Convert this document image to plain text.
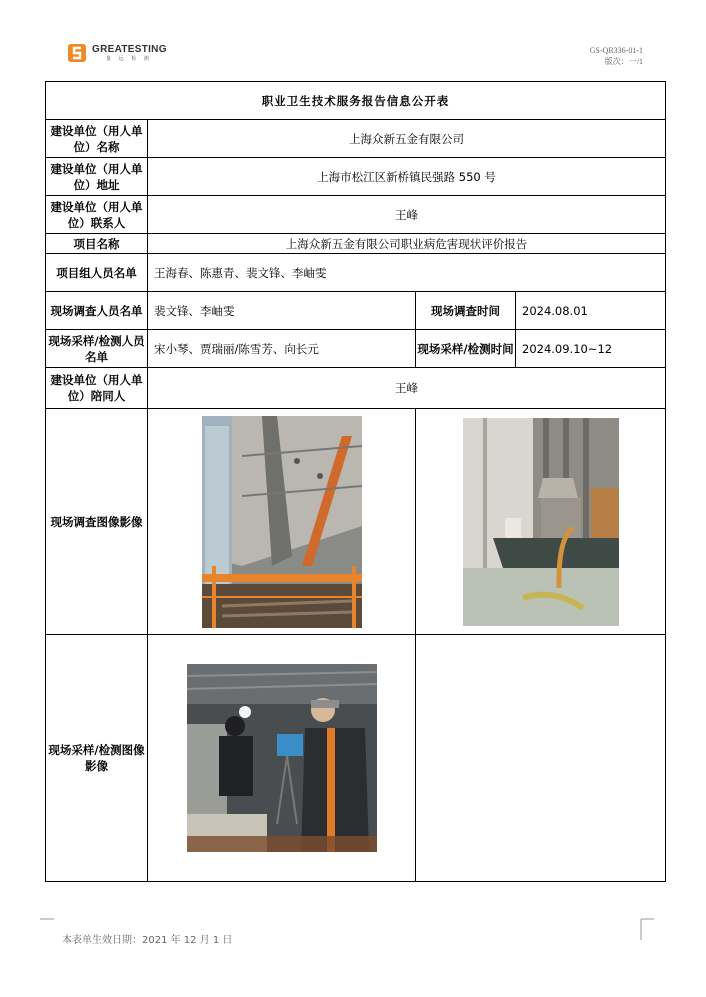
GREATESTING
量 远 检 测
GS-QR336-01-1
版次：一/1
职业卫生技术服务报告信息公开表			
建设单位（用人单位）名称	上海众新五金有限公司		
建设单位（用人单位）地址	上海市松江区新桥镇民强路 550 号		
建设单位（用人单位）联系人	王峰		
项目名称	上海众新五金有限公司职业病危害现状评价报告		
项目组人员名单	王海春、陈惠青、裴文锋、李岫雯		
现场调查人员名单	裴文锋、李岫雯	现场调查时间	2024.08.01
现场采样/检测人员名单	宋小琴、贾瑞丽/陈雪芳、向长元	现场采样/检测时间	2024.09.10~12
建设单位（用人单位）陪同人	王峰		
现场调查图像影像	

现场采样/检测图像影像	

本表单生效日期：2021 年 12 月 1 日
